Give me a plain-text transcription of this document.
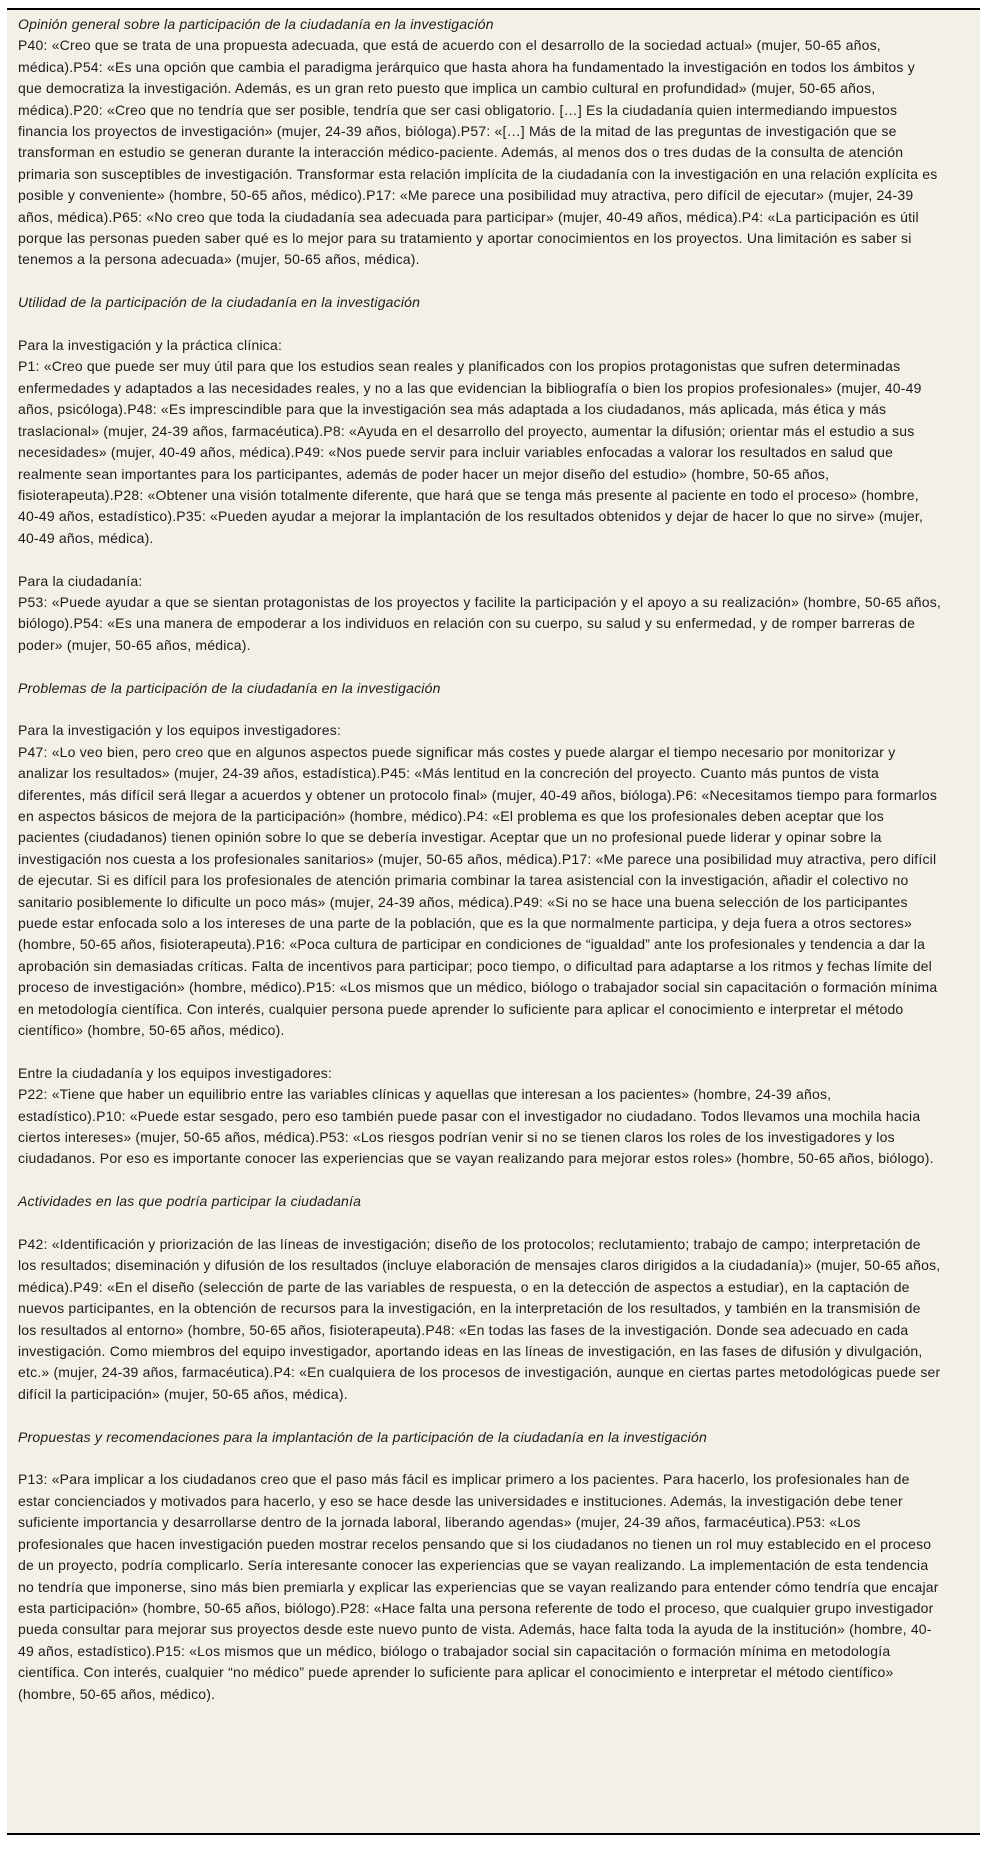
Opinión general sobre la participación de la ciudadanía en la investigación

P40: «Creo que se trata de una propuesta adecuada, que está de acuerdo con el desarrollo de la sociedad actual» (mujer, 50-65 años, médica).P54: «Es una opción que cambia el paradigma jerárquico que hasta ahora ha fundamentado la investigación en todos los ámbitos y que democratiza la investigación. Además, es un gran reto puesto que implica un cambio cultural en profundidad» (mujer, 50-65 años, médica).P20: «Creo que no tendría que ser posible, tendría que ser casi obligatorio. […] Es la ciudadanía quien intermediando impuestos financia los proyectos de investigación» (mujer, 24-39 años, bióloga).P57: «[…] Más de la mitad de las preguntas de investigación que se transforman en estudio se generan durante la interacción médico-paciente. Además, al menos dos o tres dudas de la consulta de atención primaria son susceptibles de investigación. Transformar esta relación implícita de la ciudadanía con la investigación en una relación explícita es posible y conveniente» (hombre, 50-65 años, médico).P17: «Me parece una posibilidad muy atractiva, pero difícil de ejecutar» (mujer, 24-39 años, médica).P65: «No creo que toda la ciudadanía sea adecuada para participar» (mujer, 40-49 años, médica).P4: «La participación es útil porque las personas pueden saber qué es lo mejor para su tratamiento y aportar conocimientos en los proyectos. Una limitación es saber si tenemos a la persona adecuada» (mujer, 50-65 años, médica).

Utilidad de la participación de la ciudadanía en la investigación

Para la investigación y la práctica clínica:

P1: «Creo que puede ser muy útil para que los estudios sean reales y planificados con los propios protagonistas que sufren determinadas enfermedades y adaptados a las necesidades reales, y no a las que evidencian la bibliografía o bien los propios profesionales» (mujer, 40-49 años, psicóloga).P48: «Es imprescindible para que la investigación sea más adaptada a los ciudadanos, más aplicada, más ética y más traslacional» (mujer, 24-39 años, farmacéutica).P8: «Ayuda en el desarrollo del proyecto, aumentar la difusión; orientar más el estudio a sus necesidades» (mujer, 40-49 años, médica).P49: «Nos puede servir para incluir variables enfocadas a valorar los resultados en salud que realmente sean importantes para los participantes, además de poder hacer un mejor diseño del estudio» (hombre, 50-65 años, fisioterapeuta).P28: «Obtener una visión totalmente diferente, que hará que se tenga más presente al paciente en todo el proceso» (hombre, 40-49 años, estadístico).P35: «Pueden ayudar a mejorar la implantación de los resultados obtenidos y dejar de hacer lo que no sirve» (mujer, 40-49 años, médica).

Para la ciudadanía:

P53: «Puede ayudar a que se sientan protagonistas de los proyectos y facilite la participación y el apoyo a su realización» (hombre, 50-65 años, biólogo).P54: «Es una manera de empoderar a los individuos en relación con su cuerpo, su salud y su enfermedad, y de romper barreras de poder» (mujer, 50-65 años, médica).

Problemas de la participación de la ciudadanía en la investigación

Para la investigación y los equipos investigadores:

P47: «Lo veo bien, pero creo que en algunos aspectos puede significar más costes y puede alargar el tiempo necesario por monitorizar y analizar los resultados» (mujer, 24-39 años, estadística).P45: «Más lentitud en la concreción del proyecto. Cuanto más puntos de vista diferentes, más difícil será llegar a acuerdos y obtener un protocolo final» (mujer, 40-49 años, bióloga).P6: «Necesitamos tiempo para formarlos en aspectos básicos de mejora de la participación» (hombre, médico).P4: «El problema es que los profesionales deben aceptar que los pacientes (ciudadanos) tienen opinión sobre lo que se debería investigar. Aceptar que un no profesional puede liderar y opinar sobre la investigación nos cuesta a los profesionales sanitarios» (mujer, 50-65 años, médica).P17: «Me parece una posibilidad muy atractiva, pero difícil de ejecutar. Si es difícil para los profesionales de atención primaria combinar la tarea asistencial con la investigación, añadir el colectivo no sanitario posiblemente lo dificulte un poco más» (mujer, 24-39 años, médica).P49: «Si no se hace una buena selección de los participantes puede estar enfocada solo a los intereses de una parte de la población, que es la que normalmente participa, y deja fuera a otros sectores» (hombre, 50-65 años, fisioterapeuta).P16: «Poca cultura de participar en condiciones de “igualdad” ante los profesionales y tendencia a dar la aprobación sin demasiadas críticas. Falta de incentivos para participar; poco tiempo, o dificultad para adaptarse a los ritmos y fechas límite del proceso de investigación» (hombre, médico).P15: «Los mismos que un médico, biólogo o trabajador social sin capacitación o formación mínima en metodología científica. Con interés, cualquier persona puede aprender lo suficiente para aplicar el conocimiento e interpretar el método científico» (hombre, 50-65 años, médico).

Entre la ciudadanía y los equipos investigadores:

P22: «Tiene que haber un equilibrio entre las variables clínicas y aquellas que interesan a los pacientes» (hombre, 24-39 años, estadístico).P10: «Puede estar sesgado, pero eso también puede pasar con el investigador no ciudadano. Todos llevamos una mochila hacia ciertos intereses» (mujer, 50-65 años, médica).P53: «Los riesgos podrían venir si no se tienen claros los roles de los investigadores y los ciudadanos. Por eso es importante conocer las experiencias que se vayan realizando para mejorar estos roles» (hombre, 50-65 años, biólogo).

Actividades en las que podría participar la ciudadanía

P42: «Identificación y priorización de las líneas de investigación; diseño de los protocolos; reclutamiento; trabajo de campo; interpretación de los resultados; diseminación y difusión de los resultados (incluye elaboración de mensajes claros dirigidos a la ciudadanía)» (mujer, 50-65 años, médica).P49: «En el diseño (selección de parte de las variables de respuesta, o en la detección de aspectos a estudiar), en la captación de nuevos participantes, en la obtención de recursos para la investigación, en la interpretación de los resultados, y también en la transmisión de los resultados al entorno» (hombre, 50-65 años, fisioterapeuta).P48: «En todas las fases de la investigación. Donde sea adecuado en cada investigación. Como miembros del equipo investigador, aportando ideas en las líneas de investigación, en las fases de difusión y divulgación, etc.» (mujer, 24-39 años, farmacéutica).P4: «En cualquiera de los procesos de investigación, aunque en ciertas partes metodológicas puede ser difícil la participación» (mujer, 50-65 años, médica).

Propuestas y recomendaciones para la implantación de la participación de la ciudadanía en la investigación

P13: «Para implicar a los ciudadanos creo que el paso más fácil es implicar primero a los pacientes. Para hacerlo, los profesionales han de estar concienciados y motivados para hacerlo, y eso se hace desde las universidades e instituciones. Además, la investigación debe tener suficiente importancia y desarrollarse dentro de la jornada laboral, liberando agendas» (mujer, 24-39 años, farmacéutica).P53: «Los profesionales que hacen investigación pueden mostrar recelos pensando que si los ciudadanos no tienen un rol muy establecido en el proceso de un proyecto, podría complicarlo. Sería interesante conocer las experiencias que se vayan realizando. La implementación de esta tendencia no tendría que imponerse, sino más bien premiarla y explicar las experiencias que se vayan realizando para entender cómo tendría que encajar esta participación» (hombre, 50-65 años, biólogo).P28: «Hace falta una persona referente de todo el proceso, que cualquier grupo investigador pueda consultar para mejorar sus proyectos desde este nuevo punto de vista. Además, hace falta toda la ayuda de la institución» (hombre, 40-49 años, estadístico).P15: «Los mismos que un médico, biólogo o trabajador social sin capacitación o formación mínima en metodología científica. Con interés, cualquier “no médico” puede aprender lo suficiente para aplicar el conocimiento e interpretar el método científico» (hombre, 50-65 años, médico).
